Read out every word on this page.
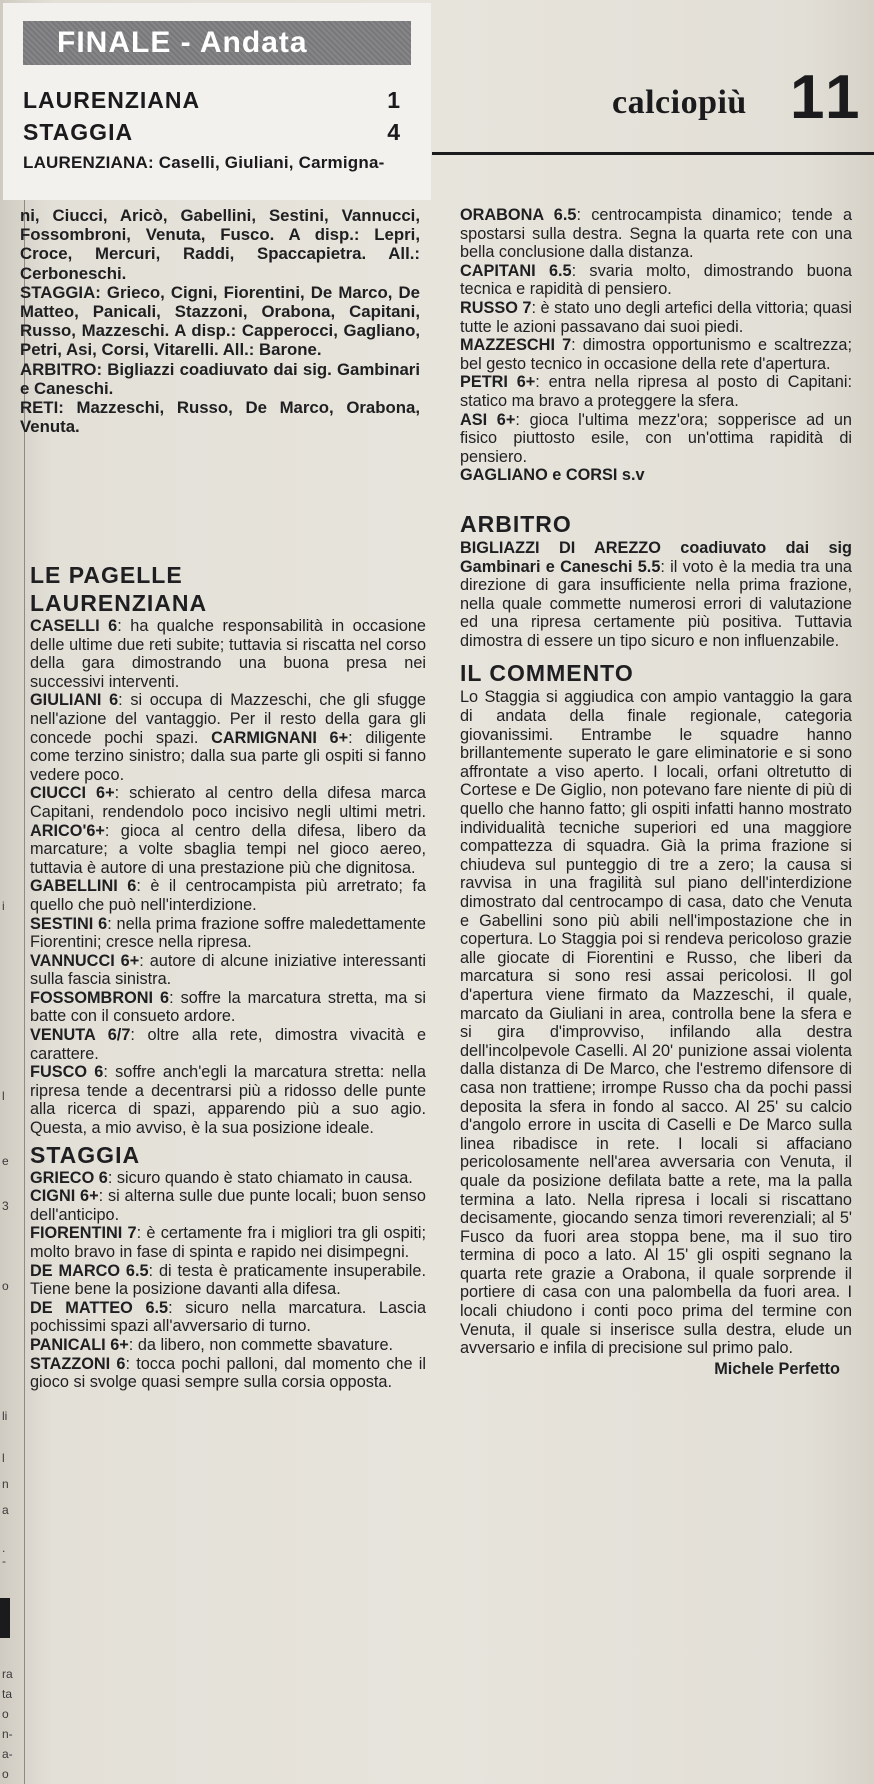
i
l
e
3
o
li
l
n
a
.
-
ra
ta
o
n-
a-
o
FINALE - Andata
LAURENZIANA	1
STAGGIA	4
LAURENZIANA: Caselli, Giuliani, Carmigna-
calciopiù 11

ni, Ciucci, Aricò, Gabellini, Sestini, Vannucci, Fossombroni, Venuta, Fusco. A disp.: Lepri, Croce, Mercuri, Raddi, Spaccapietra. All.: Cerboneschi.

STAGGIA: Grieco, Cigni, Fiorentini, De Marco, De Matteo, Panicali, Stazzoni, Orabona, Capitani, Russo, Mazzeschi. A disp.: Capperocci, Gagliano, Petri, Asi, Corsi, Vitarelli. All.: Barone.

ARBITRO: Bigliazzi coadiuvato dai sig. Gambinari e Caneschi.

RETI: Mazzeschi, Russo, De Marco, Orabona, Venuta.

LE PAGELLE
LAURENZIANA

CASELLI 6: ha qualche responsabilità in occasione delle ultime due reti subite; tuttavia si riscatta nel corso della gara dimostrando una buona presa nei successivi interventi.

GIULIANI 6: si occupa di Mazzeschi, che gli sfugge nell'azione del vantaggio. Per il resto della gara gli concede pochi spazi. CARMIGNANI 6+: diligente come terzino sinistro; dalla sua parte gli ospiti si fanno vedere poco.

CIUCCI 6+: schierato al centro della difesa marca Capitani, rendendolo poco incisivo negli ultimi metri. ARICO'6+: gioca al centro della difesa, libero da marcature; a volte sbaglia tempi nel gioco aereo, tuttavia è autore di una prestazione più che dignitosa.

GABELLINI 6: è il centrocampista più arretrato; fa quello che può nell'interdizione.

SESTINI 6: nella prima frazione soffre maledettamente Fiorentini; cresce nella ripresa.

VANNUCCI 6+: autore di alcune iniziative interessanti sulla fascia sinistra.

FOSSOMBRONI 6: soffre la marcatura stretta, ma si batte con il consueto ardore.

VENUTA 6/7: oltre alla rete, dimostra vivacità e carattere.

FUSCO 6: soffre anch'egli la marcatura stretta: nella ripresa tende a decentrarsi più a ridosso delle punte alla ricerca di spazi, apparendo più a suo agio. Questa, a mio avviso, è la sua posizione ideale.

STAGGIA

GRIECO 6: sicuro quando è stato chiamato in causa.

CIGNI 6+: si alterna sulle due punte locali; buon senso dell'anticipo.

FIORENTINI 7: è certamente fra i migliori tra gli ospiti; molto bravo in fase di spinta e rapido nei disimpegni.

DE MARCO 6.5: di testa è praticamente insuperabile. Tiene bene la posizione davanti alla difesa.

DE MATTEO 6.5: sicuro nella marcatura. Lascia pochissimi spazi all'avversario di turno.

PANICALI 6+: da libero, non commette sbavature.

STAZZONI 6: tocca pochi palloni, dal momento che il gioco si svolge quasi sempre sulla corsia opposta.

ORABONA 6.5: centrocampista dinamico; tende a spostarsi sulla destra. Segna la quarta rete con una bella conclusione dalla distanza.

CAPITANI 6.5: svaria molto, dimostrando buona tecnica e rapidità di pensiero.

RUSSO 7: è stato uno degli artefici della vittoria; quasi tutte le azioni passavano dai suoi piedi.

MAZZESCHI 7: dimostra opportunismo e scaltrezza; bel gesto tecnico in occasione della rete d'apertura.

PETRI 6+: entra nella ripresa al posto di Capitani: statico ma bravo a proteggere la sfera.

ASI 6+: gioca l'ultima mezz'ora; sopperisce ad un fisico piuttosto esile, con un'ottima rapidità di pensiero.

GAGLIANO e CORSI s.v

ARBITRO

BIGLIAZZI DI AREZZO coadiuvato dai sig Gambinari e Caneschi 5.5: il voto è la media tra una direzione di gara insufficiente nella prima frazione, nella quale commette numerosi errori di valutazione ed una ripresa certamente più positiva. Tuttavia dimostra di essere un tipo sicuro e non influenzabile.

IL COMMENTO

Lo Staggia si aggiudica con ampio vantaggio la gara di andata della finale regionale, categoria giovanissimi. Entrambe le squadre hanno brillantemente superato le gare eliminatorie e si sono affrontate a viso aperto. I locali, orfani oltretutto di Cortese e De Giglio, non potevano fare niente di più di quello che hanno fatto; gli ospiti infatti hanno mostrato individualità tecniche superiori ed una maggiore compattezza di squadra. Già la prima frazione si chiudeva sul punteggio di tre a zero; la causa si ravvisa in una fragilità sul piano dell'interdizione dimostrato dal centrocampo di casa, dato che Venuta e Gabellini sono più abili nell'impostazione che in copertura. Lo Staggia poi si rendeva pericoloso grazie alle giocate di Fiorentini e Russo, che liberi da marcatura si sono resi assai pericolosi. Il gol d'apertura viene firmato da Mazzeschi, il quale, marcato da Giuliani in area, controlla bene la sfera e si gira d'improvviso, infilando alla destra dell'incolpevole Caselli. Al 20' punizione assai violenta dalla distanza di De Marco, che l'estremo difensore di casa non trattiene; irrompe Russo cha da pochi passi deposita la sfera in fondo al sacco. Al 25' su calcio d'angolo errore in uscita di Caselli e De Marco sulla linea ribadisce in rete. I locali si affaciano pericolosamente nell'area avversaria con Venuta, il quale da posizione defilata batte a rete, ma la palla termina a lato. Nella ripresa i locali si riscattano decisamente, giocando senza timori reverenziali; al 5' Fusco da fuori area stoppa bene, ma il suo tiro termina di poco a lato. Al 15' gli ospiti segnano la quarta rete grazie a Orabona, il quale sorprende il portiere di casa con una palombella da fuori area. I locali chiudono i conti poco prima del termine con Venuta, il quale si inserisce sulla destra, elude un avversario e infila di precisione sul primo palo.

Michele Perfetto
